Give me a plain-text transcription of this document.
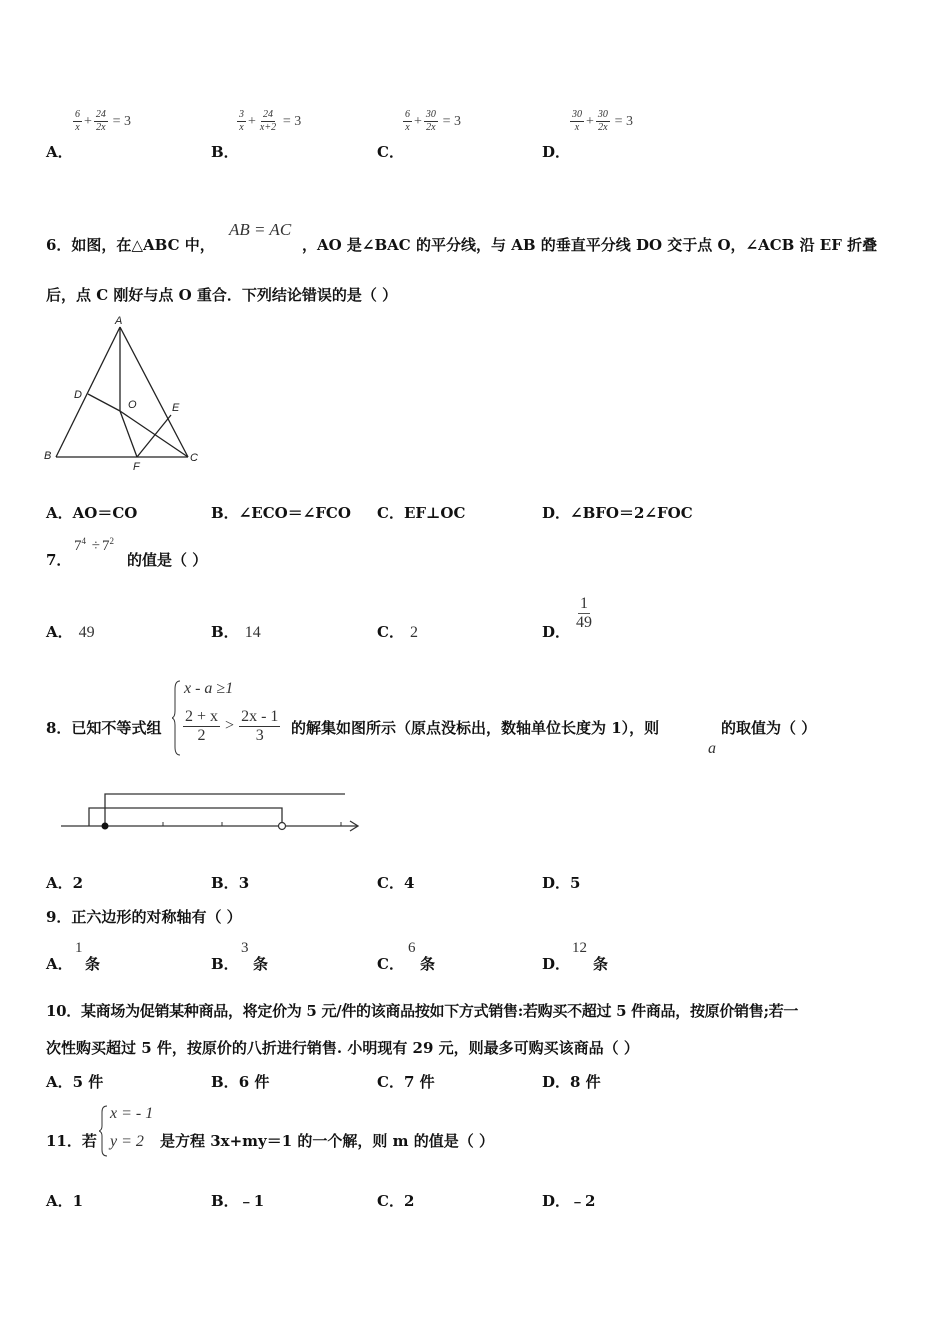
A．
$\frac{6}{x} + \frac{24}{2x} = 3$
B．
$\frac{3}{x} + \frac{24}{x+2} = 3$
C．
$\frac{6}{x} + \frac{30}{2x} = 3$
D．
$\frac{30}{x} + \frac{30}{2x} = 3$
6．如图，在△ABC 中，
AB = AC
，AO 是∠BAC 的平分线，与 AB 的垂直平分线 DO 交于点 O，∠ACB 沿 EF 折叠
后，点 C 刚好与点 O 重合．下列结论错误的是（ ）
A
B	C
D
E
F
O
A．AO＝CO	B．∠ECO＝∠FCO C．EF⊥OC	D．∠BFO＝2∠FOC
7．
$7^4 \div 7^2$
的值是（ ）
A． 49	B． 14	C． 2	D．
$\frac{1}{49}$
8．已知不等式组
x - a ≥1
$\frac{2 + x}{2} > \frac{2x - 1}{3}$ 的解集如图所示（原点没标出，数轴单位长度为 1），则
a
的取值为（ ）
A．2	B．3	C．4	D．5
9．正六边形的对称轴有（ ）
A．
1
条	B．
3
条	C．
6
条	D．
12
条
10．某商场为促销某种商品，将定价为 5 元/件的该商品按如下方式销售:若购买不超过 5 件商品，按原价销售;若一
次性购买超过 5 件，按原价的八折进行销售. 小明现有 29 元，则最多可购买该商品（ ）
A．5 件	B．6 件	C．7 件	D．8 件
11．若
x = - 1
y = 2 是方程 3x+my＝1 的一个解，则 m 的值是（ ）
A．1	B．﹣1	C．2	D．﹣2
